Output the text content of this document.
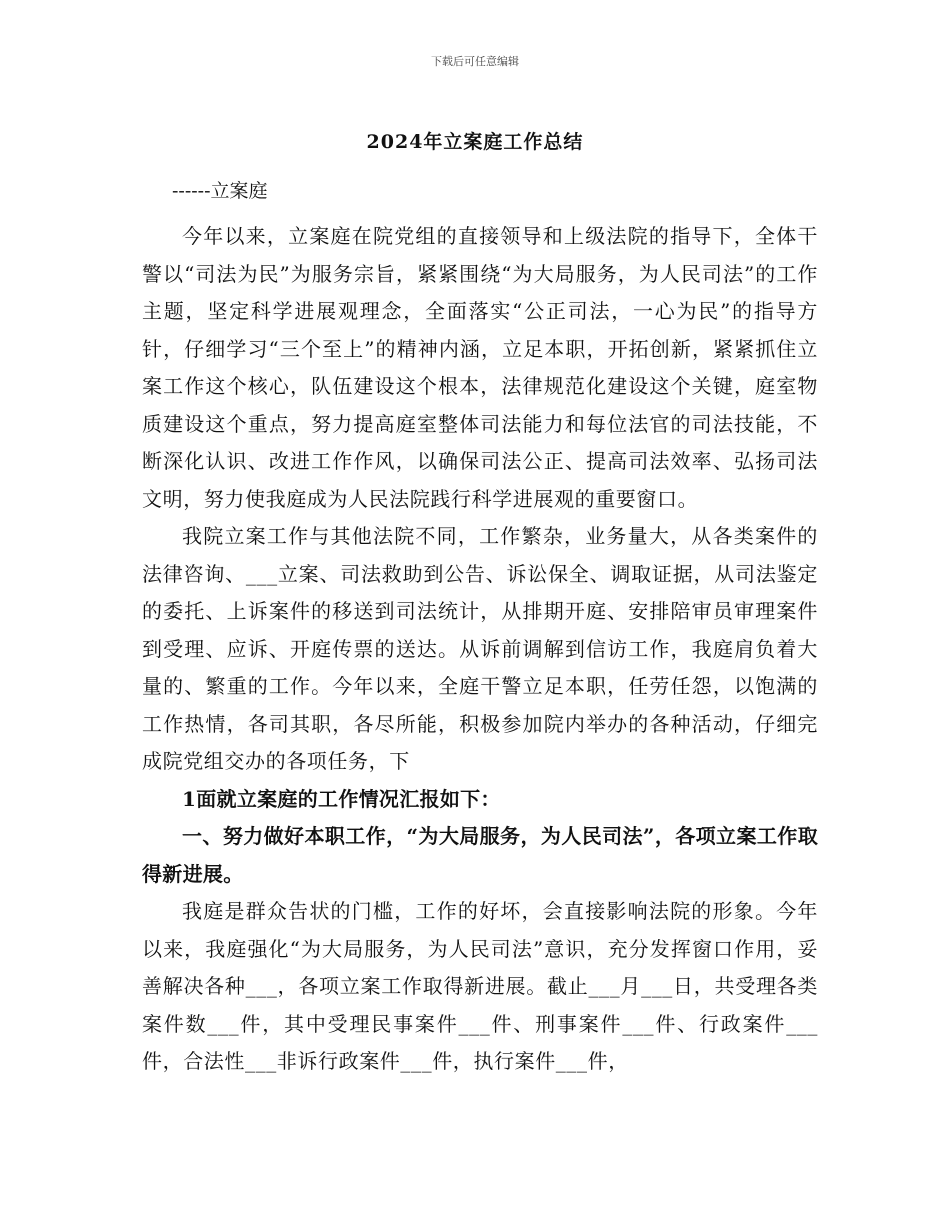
下载后可任意编辑
2024年立案庭工作总结
------立案庭

今年以来，立案庭在院党组的直接领导和上级法院的指导下，全体干警以“司法为民”为服务宗旨，紧紧围绕“为大局服务，为人民司法”的工作主题，坚定科学进展观理念，全面落实“公正司法，一心为民”的指导方针，仔细学习“三个至上”的精神内涵，立足本职，开拓创新，紧紧抓住立案工作这个核心，队伍建设这个根本，法律规范化建设这个关键，庭室物质建设这个重点，努力提高庭室整体司法能力和每位法官的司法技能，不断深化认识、改进工作作风，以确保司法公正、提高司法效率、弘扬司法文明，努力使我庭成为人民法院践行科学进展观的重要窗口。

我院立案工作与其他法院不同，工作繁杂，业务量大，从各类案件的法律咨询、___立案、司法救助到公告、诉讼保全、调取证据，从司法鉴定的委托、上诉案件的移送到司法统计，从排期开庭、安排陪审员审理案件到受理、应诉、开庭传票的送达。从诉前调解到信访工作，我庭肩负着大量的、繁重的工作。今年以来，全庭干警立足本职，任劳任怨，以饱满的工作热情，各司其职，各尽所能，积极参加院内举办的各种活动，仔细完成院党组交办的各项任务，下

1面就立案庭的工作情况汇报如下：

一、努力做好本职工作，“为大局服务，为人民司法”，各项立案工作取得新进展。

我庭是群众告状的门槛，工作的好坏，会直接影响法院的形象。今年以来，我庭强化“为大局服务，为人民司法”意识，充分发挥窗口作用，妥善解决各种___，各项立案工作取得新进展。截止___月___日，共受理各类案件数___件，其中受理民事案件___件、刑事案件___件、行政案件___件，合法性___非诉行政案件___件，执行案件___件，
